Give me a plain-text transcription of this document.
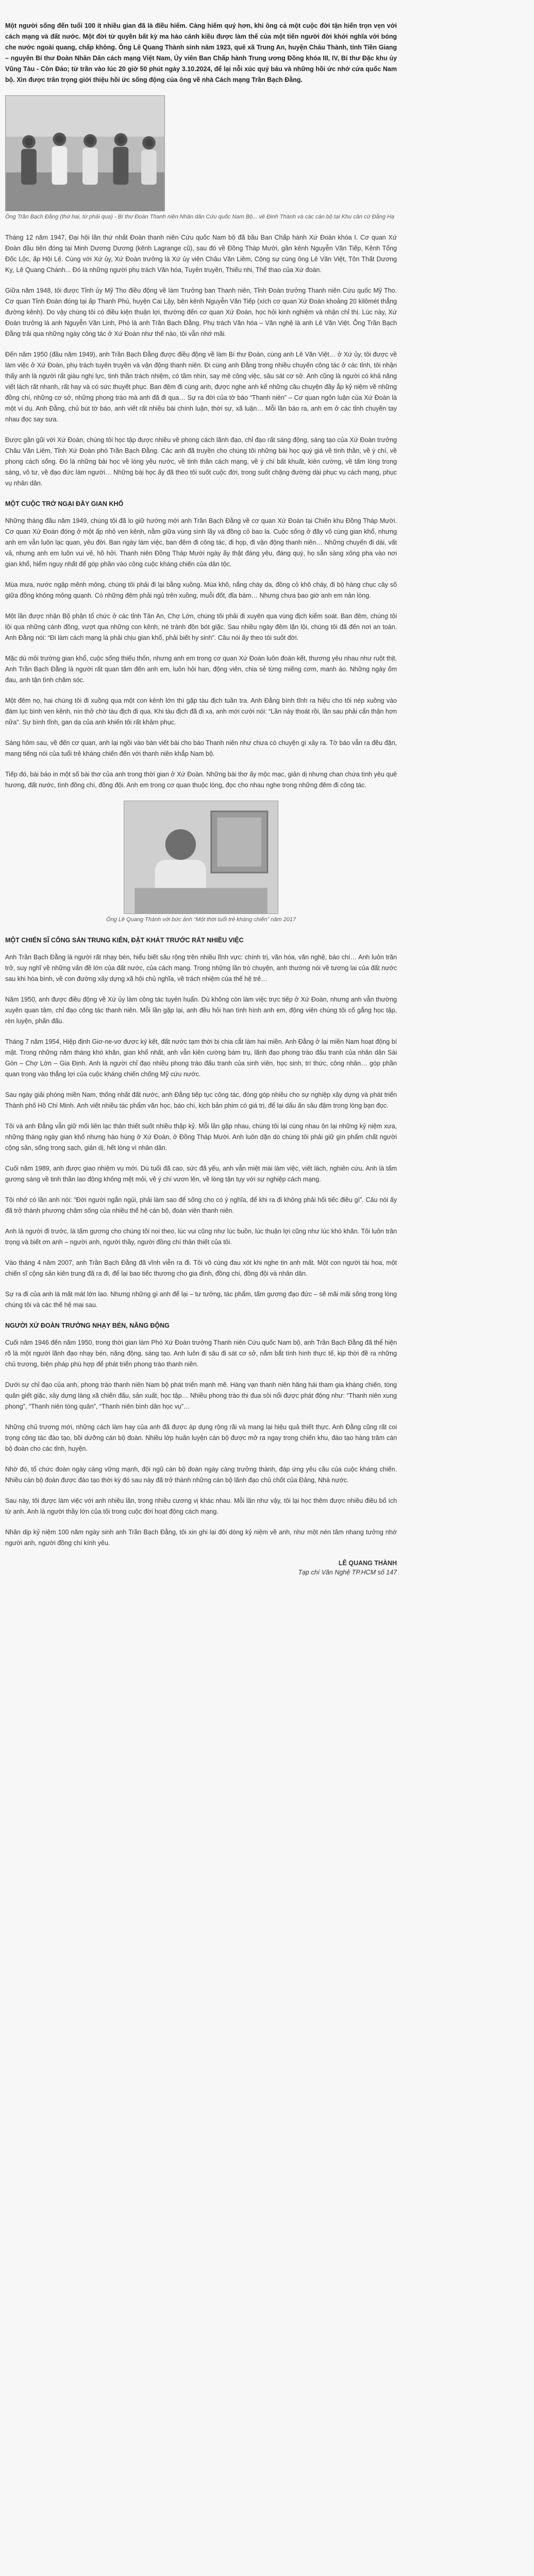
Một người sống đến tuổi 100 ít nhiều gian đã là điều hiếm. Càng hiếm quý hơn, khi ông cả một cuộc đời tận hiến trọn vẹn với cách mạng và đất nước. Một đời từ quyền bất kỳ ma hào cảnh kiều được làm thế của một tiến người đời khởi nghĩa với bóng che nước ngoài quang, chấp không. Ông Lê Quang Thành sinh năm 1923, quê xã Trung An, huyện Châu Thành, tỉnh Tiền Giang – nguyên Bí thư Đoàn Nhân Dân cách mạng Việt Nam, Ủy viên Ban Chấp hành Trung ương Đồng khóa III, IV, Bí thư Đặc khu ủy Vũng Tàu - Côn Đảo; từ trần vào lúc 20 giờ 50 phút ngày 3.10.2024, để lại nỗi xúc quý báu và những hồi ức nhớ cửa quốc Nam bộ. Xin được trân trọng giới thiệu hồi ức sống động của ông về nhà Cách mạng Trần Bạch Đằng.

Ông Trần Bạch Đằng (thứ hai, từ phải qua) - Bí thư Đoàn Thanh niên Nhân dân Cứu quốc Nam Bộ... vê Đinh Thành và các cán bộ tại Khu căn cứ Đằng Hạ

Tháng 12 năm 1947, Đại hội lần thứ nhất Đoàn thanh niên Cứu quốc Nam bộ đã bầu Ban Chấp hành Xứ Đoàn khóa I. Cơ quan Xứ Đoàn đầu tiên đóng tại Minh Dương Dương (kênh Lagrange cũ), sau đó về Đồng Tháp Mười, gần kênh Nguyễn Văn Tiếp, Kênh Tổng Đốc Lộc, ấp Hội Lệ. Cùng với Xứ ủy, Xứ Đoàn trưởng là Xứ ủy viên Châu Văn Liêm, Cộng sự cùng ông Lê Văn Việt, Tôn Thất Dương Kỵ, Lê Quang Chánh... Đó là những người phụ trách Văn hóa, Tuyên truyền, Thiếu nhi, Thể thao của Xứ đoàn.

Giữa năm 1948, tôi được Tỉnh ủy Mỹ Tho điều động về làm Trưởng ban Thanh niên, Tỉnh Đoàn trưởng Thanh niên Cứu quốc Mỹ Tho. Cơ quan Tỉnh Đoàn đóng tại ấp Thanh Phú, huyện Cai Lậy, bên kênh Nguyễn Văn Tiếp (xích cơ quan Xứ Đoàn khoảng 20 kilômét thẳng đường kênh). Do vậy chúng tôi có điều kiện thuận lợi, thường đến cơ quan Xứ Đoàn, học hỏi kinh nghiệm và nhận chỉ thị. Lúc này, Xứ Đoàn trưởng là anh Nguyễn Văn Linh, Phó là anh Trần Bạch Đằng. Phụ trách Văn hóa – Văn nghệ là anh Lê Văn Việt. Ông Trần Bạch Đằng trải qua những ngày công tác ở Xứ Đoàn như thế nào, tôi vẫn nhớ mãi.

Đến năm 1950 (đầu năm 1949), anh Trần Bạch Đằng được điều động về làm Bí thư Đoàn, cùng anh Lê Văn Việt… ở Xứ ủy, tôi được về làm việc ở Xứ Đoàn, phụ trách tuyên truyền và vận động thanh niên. Đi cùng anh Đằng trong nhiều chuyến công tác ở các tỉnh, tôi nhận thấy anh là người rất giàu nghị lực, tinh thần trách nhiệm, có tầm nhìn, say mê công việc, sâu sát cơ sở. Anh cũng là người có khả năng viết lách rất nhanh, rất hay và có sức thuyết phục. Ban đêm đi cùng anh, được nghe anh kể những câu chuyện đầy ắp kỷ niệm về những đồng chí, những cơ sở, những phong trào mà anh đã đi qua… Sự ra đời của tờ báo “Thanh niên” – Cơ quan ngôn luận của Xứ Đoàn là một ví dụ. Anh Đằng, chủ bút tờ báo, anh viết rất nhiều bài chính luận, thời sự, xã luận… Mỗi lần báo ra, anh em ở các tỉnh chuyền tay nhau đọc say sưa.

Được gần gũi với Xứ Đoàn, chúng tôi học tập được nhiều về phong cách lãnh đạo, chỉ đạo rất sáng động, sáng tạo của Xứ Đoàn trưởng Châu Văn Liêm, Tỉnh Xứ Đoàn phó Trần Bạch Đằng. Các anh đã truyền cho chúng tôi những bài học quý giá về tình thần, về ý chí, về phong cách sống. Đó là những bài học về lòng yêu nước, về tinh thần cách mạng, về ý chí bất khuất, kiên cường, về tấm lòng trong sáng, vô tư, về đạo đức làm người… Những bài học ấy đã theo tôi suốt cuộc đời, trong suốt chặng đường dài phục vụ cách mạng, phục vụ nhân dân.

MỘT CUỘC TRỞ NGẠI ĐẦY GIAN KHỔ

Những tháng đầu năm 1949, chúng tôi đã lo giữ hướng mới anh Trần Bạch Đằng về cơ quan Xứ Đoàn tại Chiến khu Đồng Tháp Mười. Cơ quan Xứ Đoàn đóng ở một ấp nhỏ ven kênh, nằm giữa vùng sình lầy và đồng cỏ bao la. Cuộc sống ở đây vô cùng gian khổ, nhưng anh em vẫn luôn lạc quan, yêu đời. Ban ngày làm việc, ban đêm đi công tác, đi họp, đi vận động thanh niên… Những chuyến đi dài, vất vả, nhưng anh em luôn vui vẻ, hồ hởi. Thanh niên Đồng Tháp Mười ngày ấy thật đáng yêu, đáng quý, họ sẵn sàng xông pha vào nơi gian khổ, hiểm nguy nhất để góp phần vào công cuộc kháng chiến của dân tộc.

Mùa mưa, nước ngập mênh mông, chúng tôi phải đi lại bằng xuồng. Mùa khô, nắng cháy da, đồng cỏ khô cháy, đi bộ hàng chục cây số giữa đồng không mông quạnh. Có những đêm phải ngủ trên xuồng, muỗi đốt, đỉa bám… Nhưng chưa bao giờ anh em nản lòng.

Một lần được nhận Bộ phận tổ chức ở các tỉnh Tân An, Chợ Lớn, chúng tôi phải đi xuyên qua vùng địch kiểm soát. Ban đêm, chúng tôi lội qua những cánh đồng, vượt qua những con kênh, né tránh đồn bót giặc. Sau nhiều ngày đêm lặn lội, chúng tôi đã đến nơi an toàn. Anh Đằng nói: “Đi làm cách mạng là phải chịu gian khổ, phải biết hy sinh”. Câu nói ấy theo tôi suốt đời.

Mặc dù môi trường gian khổ, cuộc sống thiếu thốn, nhưng anh em trong cơ quan Xứ Đoàn luôn đoàn kết, thương yêu nhau như ruột thịt. Anh Trần Bạch Đằng là người rất quan tâm đến anh em, luôn hỏi han, động viên, chia sẻ từng miếng cơm, manh áo. Những ngày ốm đau, anh tận tình chăm sóc.

Một đêm nọ, hai chúng tôi đi xuồng qua một con kênh lớn thì gặp tàu địch tuần tra. Anh Đằng bình tĩnh ra hiệu cho tôi nép xuồng vào đám lục bình ven kênh, nín thở chờ tàu địch đi qua. Khi tàu địch đã đi xa, anh mới cười nói: “Lần này thoát rồi, lần sau phải cẩn thận hơn nữa”. Sự bình tĩnh, gan dạ của anh khiến tôi rất khâm phục.

Sáng hôm sau, về đến cơ quan, anh lại ngồi vào bàn viết bài cho báo Thanh niên như chưa có chuyện gì xảy ra. Tờ báo vẫn ra đều đặn, mang tiếng nói của tuổi trẻ kháng chiến đến với thanh niên khắp Nam bộ.

Tiếp đó, bài báo in một số bài thơ của anh trong thời gian ở Xứ Đoàn. Những bài thơ ấy mộc mạc, giản dị nhưng chan chứa tình yêu quê hương, đất nước, tình đồng chí, đồng đội. Anh em trong cơ quan thuộc lòng, đọc cho nhau nghe trong những đêm đi công tác.

Ông Lê Quang Thành với bức ảnh “Một thời tuổi trẻ kháng chiến” năm 2017
MỘT CHIẾN SĨ CÔNG SẢN TRUNG KIÊN, ĐẶT KHÁT TRƯỚC RẤT NHIỀU VIỆC

Anh Trần Bạch Đằng là người rất nhạy bén, hiểu biết sâu rộng trên nhiều lĩnh vực: chính trị, văn hóa, văn nghệ, báo chí… Anh luôn trăn trở, suy nghĩ về những vấn đề lớn của đất nước, của cách mạng. Trong những lần trò chuyện, anh thường nói về tương lai của đất nước sau khi hòa bình, về con đường xây dựng xã hội chủ nghĩa, về trách nhiệm của thế hệ trẻ…

Năm 1950, anh được điều động về Xứ ủy làm công tác tuyên huấn. Dù không còn làm việc trực tiếp ở Xứ Đoàn, nhưng anh vẫn thường xuyên quan tâm, chỉ đạo công tác thanh niên. Mỗi lần gặp lại, anh đều hỏi han tình hình anh em, động viên chúng tôi cố gắng học tập, rèn luyện, phấn đấu.

Tháng 7 năm 1954, Hiệp định Giơ-ne-vơ được ký kết, đất nước tạm thời bị chia cắt làm hai miền. Anh Đằng ở lại miền Nam hoạt động bí mật. Trong những năm tháng khó khăn, gian khổ nhất, anh vẫn kiên cường bám trụ, lãnh đạo phong trào đấu tranh của nhân dân Sài Gòn – Chợ Lớn – Gia Định. Anh là người chỉ đạo nhiều phong trào đấu tranh của sinh viên, học sinh, trí thức, công nhân… góp phần quan trọng vào thắng lợi của cuộc kháng chiến chống Mỹ cứu nước.

Sau ngày giải phóng miền Nam, thống nhất đất nước, anh Đằng tiếp tục công tác, đóng góp nhiều cho sự nghiệp xây dựng và phát triển Thành phố Hồ Chí Minh. Anh viết nhiều tác phẩm văn học, báo chí, kịch bản phim có giá trị, để lại dấu ấn sâu đậm trong lòng bạn đọc.

Tôi và anh Đằng vẫn giữ mối liên lạc thân thiết suốt nhiều thập kỷ. Mỗi lần gặp nhau, chúng tôi lại cùng nhau ôn lại những kỷ niệm xưa, những tháng ngày gian khổ nhưng hào hùng ở Xứ Đoàn, ở Đồng Tháp Mười. Anh luôn dặn dò chúng tôi phải giữ gìn phẩm chất người cộng sản, sống trong sạch, giản dị, hết lòng vì nhân dân.

Cuối năm 1989, anh được giao nhiệm vụ mới. Dù tuổi đã cao, sức đã yếu, anh vẫn miệt mài làm việc, viết lách, nghiên cứu. Anh là tấm gương sáng về tinh thần lao động không mệt mỏi, về ý chí vươn lên, về lòng tận tụy với sự nghiệp cách mạng.

Tôi nhớ có lần anh nói: “Đời người ngắn ngủi, phải làm sao để sống cho có ý nghĩa, để khi ra đi không phải hối tiếc điều gì”. Câu nói ấy đã trở thành phương châm sống của nhiều thế hệ cán bộ, đoàn viên thanh niên.

Anh là người đi trước, là tấm gương cho chúng tôi noi theo, lúc vui cũng như lúc buồn, lúc thuận lợi cũng như lúc khó khăn. Tôi luôn trân trọng và biết ơn anh – người anh, người thầy, người đồng chí thân thiết của tôi.

Vào tháng 4 năm 2007, anh Trần Bạch Đằng đã vĩnh viễn ra đi. Tôi vô cùng đau xót khi nghe tin anh mất. Một con người tài hoa, một chiến sĩ cộng sản kiên trung đã ra đi, để lại bao tiếc thương cho gia đình, đồng chí, đồng đội và nhân dân.

Sự ra đi của anh là mất mát lớn lao. Nhưng những gì anh để lại – tư tưởng, tác phẩm, tấm gương đạo đức – sẽ mãi mãi sống trong lòng chúng tôi và các thế hệ mai sau.

NGƯỜI XỨ ĐOÀN TRƯỞNG NHẠY BÉN, NĂNG ĐỘNG

Cuối năm 1946 đến năm 1950, trong thời gian làm Phó Xứ Đoàn trưởng Thanh niên Cứu quốc Nam bộ, anh Trần Bạch Đằng đã thể hiện rõ là một người lãnh đạo nhạy bén, năng động, sáng tạo. Anh luôn đi sâu đi sát cơ sở, nắm bắt tình hình thực tế, kịp thời đề ra những chủ trương, biện pháp phù hợp để phát triển phong trào thanh niên.

Dưới sự chỉ đạo của anh, phong trào thanh niên Nam bộ phát triển mạnh mẽ. Hàng vạn thanh niên hăng hái tham gia kháng chiến, tòng quân giết giặc, xây dựng làng xã chiến đấu, sản xuất, học tập… Nhiều phong trào thi đua sôi nổi được phát động như: “Thanh niên xung phong”, “Thanh niên tòng quân”, “Thanh niên bình dân học vụ”…

Những chủ trương mới, những cách làm hay của anh đã được áp dụng rộng rãi và mang lại hiệu quả thiết thực. Anh Đằng cũng rất coi trọng công tác đào tạo, bồi dưỡng cán bộ đoàn. Nhiều lớp huấn luyện cán bộ được mở ra ngay trong chiến khu, đào tạo hàng trăm cán bộ đoàn cho các tỉnh, huyện.

Nhờ đó, tổ chức đoàn ngày càng vững mạnh, đội ngũ cán bộ đoàn ngày càng trưởng thành, đáp ứng yêu cầu của cuộc kháng chiến. Nhiều cán bộ đoàn được đào tạo thời kỳ đó sau này đã trở thành những cán bộ lãnh đạo chủ chốt của Đảng, Nhà nước.

Sau này, tôi được làm việc với anh nhiều lần, trong nhiều cương vị khác nhau. Mỗi lần như vậy, tôi lại học thêm được nhiều điều bổ ích từ anh. Anh là người thầy lớn của tôi trong cuộc đời hoạt động cách mạng.

Nhân dịp kỷ niệm 100 năm ngày sinh anh Trần Bạch Đằng, tôi xin ghi lại đôi dòng kỷ niệm về anh, như một nén tâm nhang tưởng nhớ người anh, người đồng chí kính yêu.

LÊ QUANG THÀNH
Tạp chí Văn Nghệ TP.HCM số 147
